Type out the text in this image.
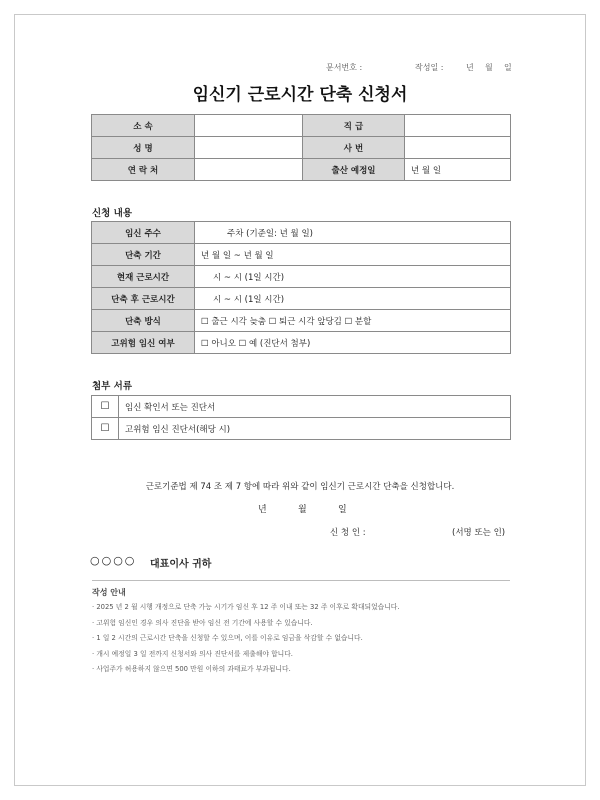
문서번호 :	작성일 :	년 월 일
임신기 근로시간 단축 신청서
소 속		직 급	
성 명		사 번	
연 락 처		출산 예정일	년 월 일
신청 내용
임신 주수	주차 (기준일: 년 월 일)
단축 기간	년 월 일 ~ 년 월 일
현재 근로시간	시 ~ 시 (1일 시간)
단축 후 근로시간	시 ~ 시 (1일 시간)
단축 방식	☐ 출근 시각 늦춤 ☐ 퇴근 시각 앞당김 ☐ 분할
고위험 임신 여부	☐ 아니오 ☐ 예 (진단서 첨부)
첨부 서류
☐	임신 확인서 또는 진단서
☐	고위험 임신 진단서(해당 시)
근로기준법 제 74 조 제 7 항에 따라 위와 같이 임신기 근로시간 단축을 신청합니다.
년	월	일
신 청 인 :	(서명 또는 인)
○○○○ 대표이사 귀하
작성 안내
· 2025 년 2 월 시행 개정으로 단축 가능 시기가 임신 후 12 주 이내 또는 32 주 이후로 확대되었습니다.
· 고위험 임신인 경우 의사 진단을 받아 임신 전 기간에 사용할 수 있습니다.
· 1 일 2 시간의 근로시간 단축을 신청할 수 있으며, 이를 이유로 임금을 삭감할 수 없습니다.
· 개시 예정일 3 일 전까지 신청서와 의사 진단서를 제출해야 합니다.
· 사업주가 허용하지 않으면 500 만원 이하의 과태료가 부과됩니다.
